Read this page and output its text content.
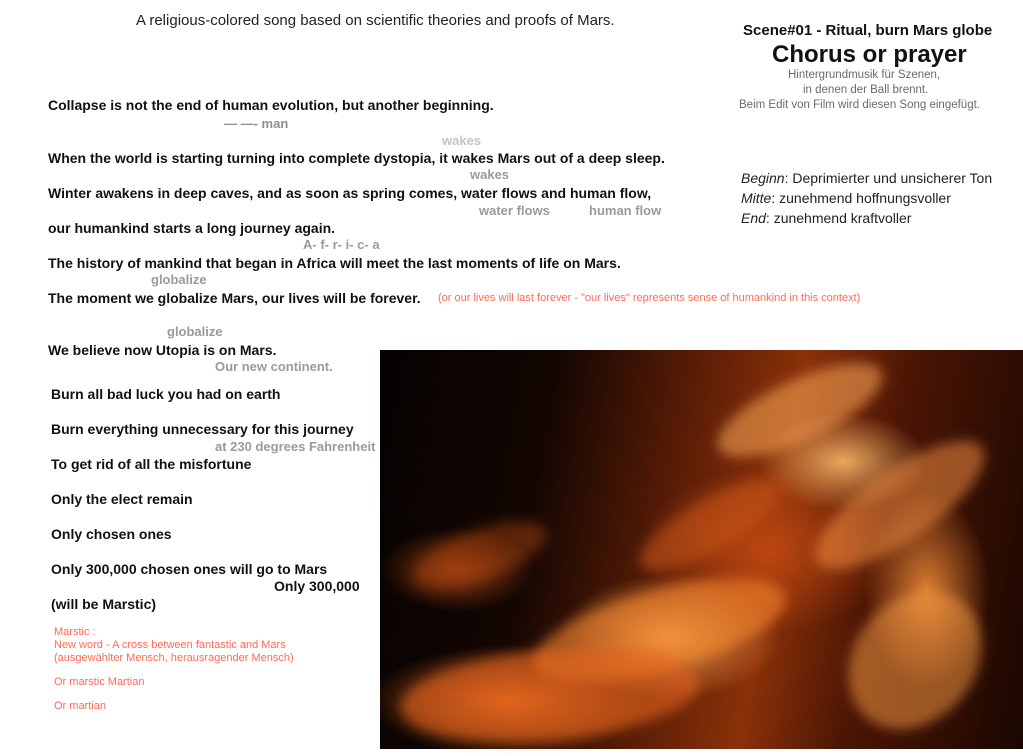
A religious-colored song based on scientific theories and proofs of Mars.
Scene#01 - Ritual, burn Mars globe
Chorus or prayer
Hintergrundmusik für Szenen,
in denen der Ball brennt.
Beim Edit von Film wird diesen Song eingefügt.
Beginn: Deprimierter und unsicherer Ton
Mitte: zunehmend hoffnungsvoller
End: zunehmend kraftvoller
Collapse is not the end of human evolution, but another beginning.
— —- man
wakes
When the world is starting turning into complete dystopia, it wakes Mars out of a deep sleep.
wakes
Winter awakens in deep caves, and as soon as spring comes, water flows and human flow,
water flows	human flow
our humankind starts a long journey again.
A- f- r- i- c- a
The history of mankind that began in Africa will meet the last moments of life on Mars.
globalize
The moment we globalize Mars, our lives will be forever. (or our lives will last forever - "our lives" represents sense of humankind in this context)
globalize
We believe now Utopia is on Mars.
Our new continent.
Burn all bad luck you had on earth
Burn everything unnecessary for this journey
at 230 degrees Fahrenheit
To get rid of all the misfortune
Only the elect remain
Only chosen ones
Only 300,000 chosen ones will go to Mars
Only 300,000
(will be Marstic)
Marstic :
New word - A cross between fantastic and Mars
(ausgewählter Mensch, herausragender Mensch)
Or marstic Martian
Or martian
